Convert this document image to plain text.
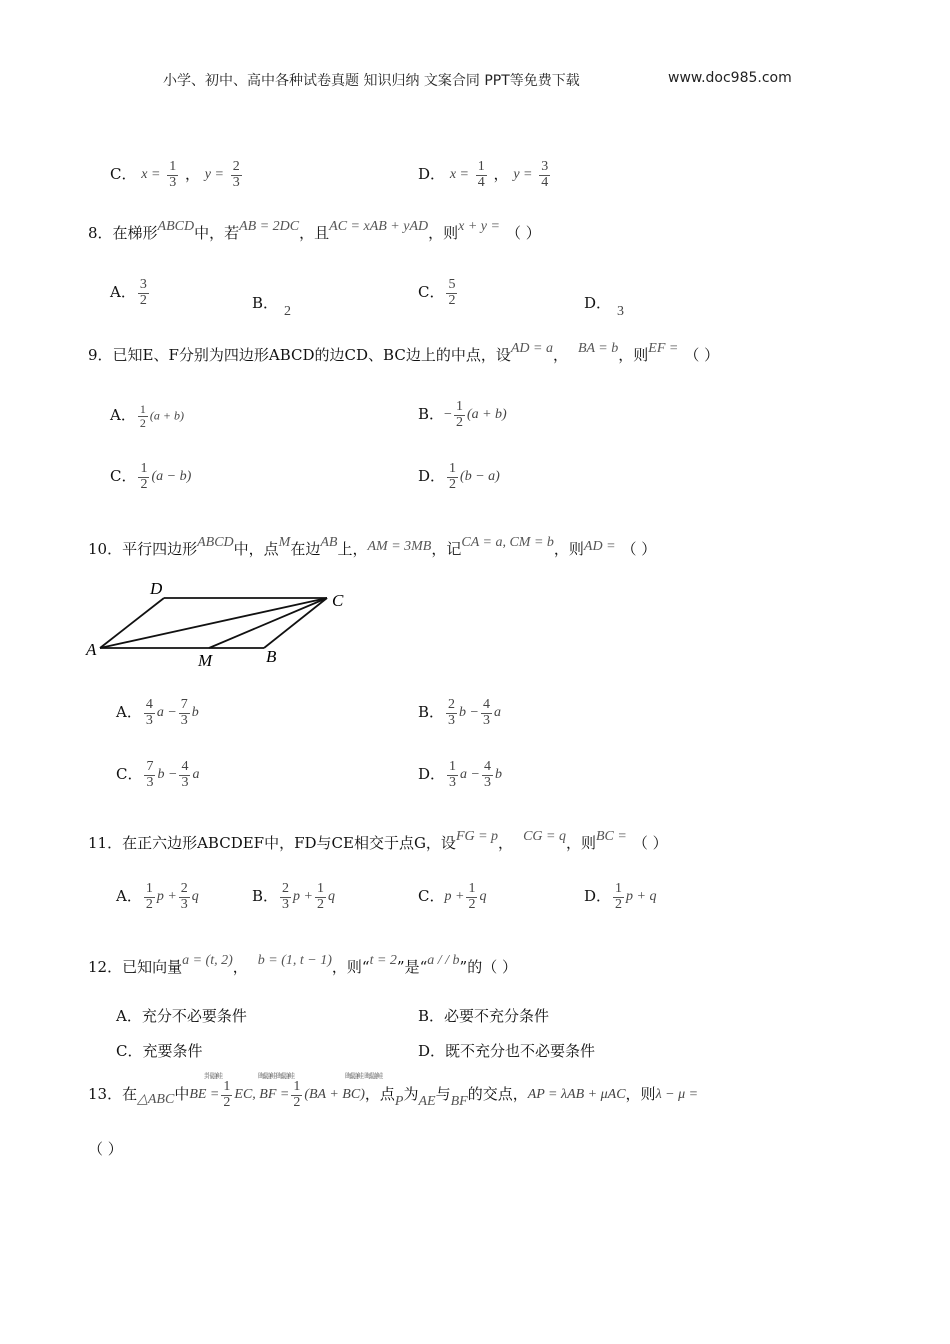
小学、初中、高中各种试卷真题 知识归纳 文案合同 PPT等免费下载	www.doc985.com
C． $x = \frac{1}{3}$ ， $y = \frac{2}{3}$	D． $x = \frac{1}{4}$ ， $y = \frac{3}{4}$
8．在梯形ABCD中，若AB = 2DC，且AC = xAB + yAD，则x + y = （ ）
A． $\frac{3}{2}$	B． 2
C． $\frac{5}{2}$	D． 3
9．已知E、F分别为四边形ABCD的边CD、BC边上的中点，设AD = a， BA = b，则EF = （ ）
A． $\frac{1}{2} (a + b)$	B．− $\frac{1}{2} (a + b)$
C． $\frac{1}{2} (a - b)$	D． $\frac{1}{2} (b - a)$
10．平行四边形ABCD中，点M在边AB上，AM = 3MB，记CA = a, CM = b，则AD = （ ）
D
C
A
M	B
A． $\frac{4}{3}$ $a - \frac{7}{3}$ b	B． $\frac{2}{3}$ $b - \frac{4}{3}$ a
C． $\frac{7}{3}$ $b - \frac{4}{3}$ a	D． $\frac{1}{3}$ $a - \frac{4}{3}$ b
11．在正六边形ABCDEF中，FD与CE相交于点G，设FG = p， CG = q，则BC = （ ）
A． $\frac{1}{2}$ $p + \frac{2}{3}$ q	B． $\frac{2}{3}$ $p + \frac{1}{2}$ q	C．$p + \frac{1}{2}$ q	D． $\frac{1}{2}$ p + q
12．已知向量a = (t, 2)， b = (1, t − 1)，则“t = 2”是“a / / b”的（ ）
A．充分不必要条件	B．必要不充分条件
C．充要条件	D．既不充分也不必要条件
卦鼬鲑	晦鼬鲑晦鼬鲑	晦鼬鲑 晦鼬鲑
13．在△ABC中BE = $\frac{1}{2}$ EC, BF = $\frac{1}{2} (BA + BC)$，点P为AE与BF的交点，AP = λAB + μAC，则λ − μ =
（ ）
